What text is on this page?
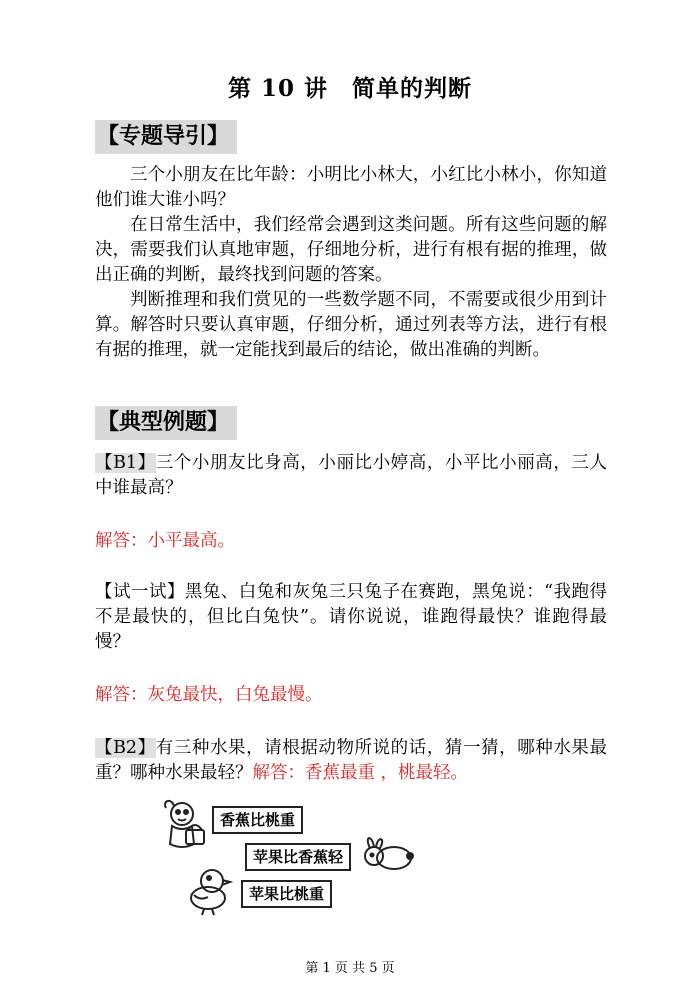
第 10 讲　简单的判断
【专题导引】

三个小朋友在比年龄：小明比小林大，小红比小林小，你知道他们谁大谁小吗？

在日常生活中，我们经常会遇到这类问题。所有这些问题的解决，需要我们认真地审题，仔细地分析，进行有根有据的推理，做出正确的判断，最终找到问题的答案。

判断推理和我们赏见的一些数学题不同，不需要或很少用到计算。解答时只要认真审题，仔细分析，通过列表等方法，进行有根有据的推理，就一定能找到最后的结论，做出准确的判断。

【典型例题】

【B1】三个小朋友比身高，小丽比小婷高，小平比小丽高，三人中谁最高？

解答：小平最高。

【试一试】黑兔、白兔和灰兔三只兔子在赛跑，黑兔说：“我跑得不是最快的，但比白兔快”。请你说说，谁跑得最快？谁跑得最慢？

解答：灰兔最快，白兔最慢。

【B2】有三种水果，请根据动物所说的话，猜一猜，哪种水果最重？哪种水果最轻？解答：香蕉最重 ，桃最轻。

香蕉比桃重
苹果比香蕉轻
苹果比桃重
第 1 页 共 5 页
